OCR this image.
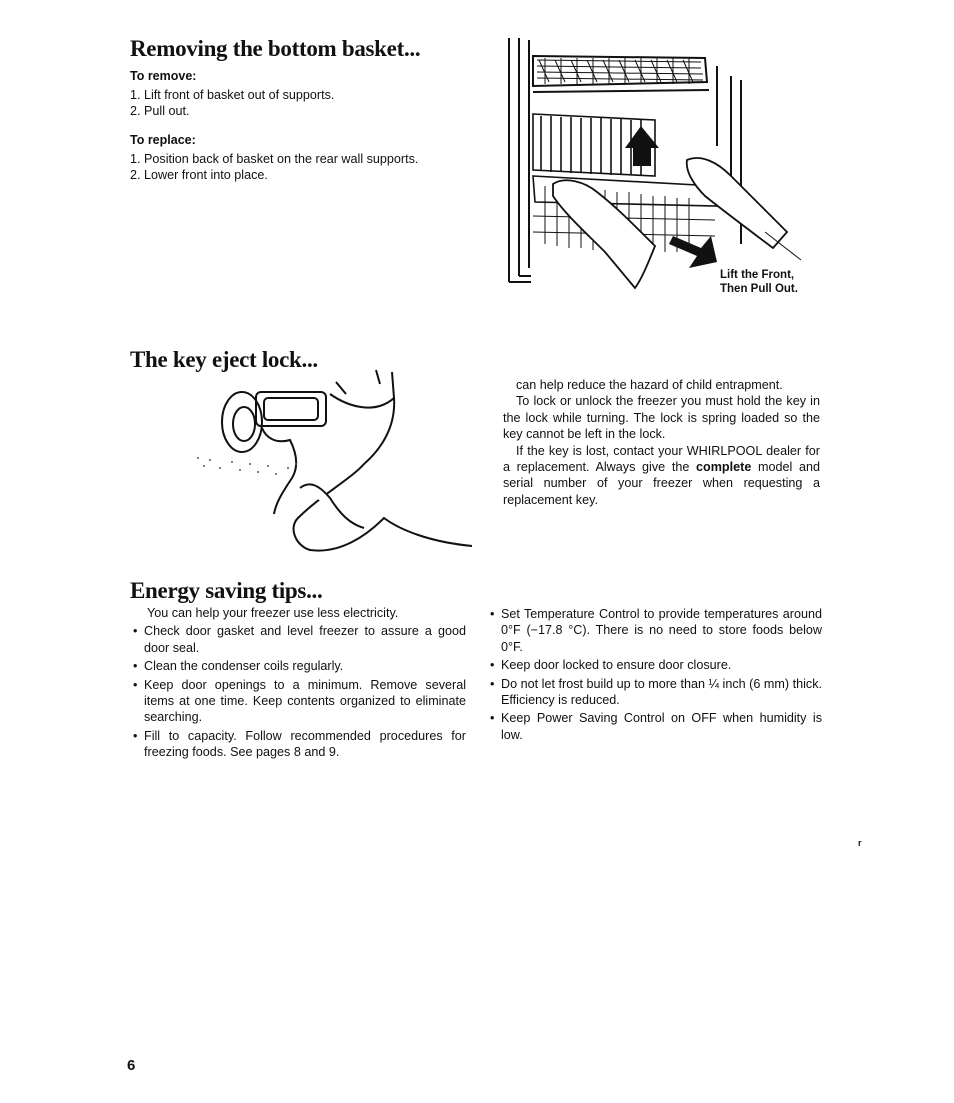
Removing the bottom basket...
To remove:
1. Lift front of basket out of supports.
2. Pull out.
To replace:
1. Position back of basket on the rear wall supports.
2. Lower front into place.
Lift the Front,
Then Pull Out.
The key eject lock...

can help reduce the hazard of child entrapment.

To lock or unlock the freezer you must hold the key in the lock while turning. The lock is spring loaded so the key cannot be left in the lock.

If the key is lost, contact your WHIRLPOOL dealer for a replacement. Always give the complete model and serial number of your freezer when requesting a replacement key.

Energy saving tips...

You can help your freezer use less electricity.

• Check door gasket and level freezer to assure a good door seal.
• Clean the condenser coils regularly.
• Keep door openings to a minimum. Remove several items at one time. Keep contents organized to eliminate searching.
• Fill to capacity. Follow recommended procedures for freezing foods. See pages 8 and 9.
• Set Temperature Control to provide temperatures around 0°F (−17.8 °C). There is no need to store foods below 0°F.
• Keep door locked to ensure door closure.
• Do not let frost build up to more than ¼ inch (6 mm) thick. Efficiency is reduced.
• Keep Power Saving Control on OFF when humidity is low.
r
6
